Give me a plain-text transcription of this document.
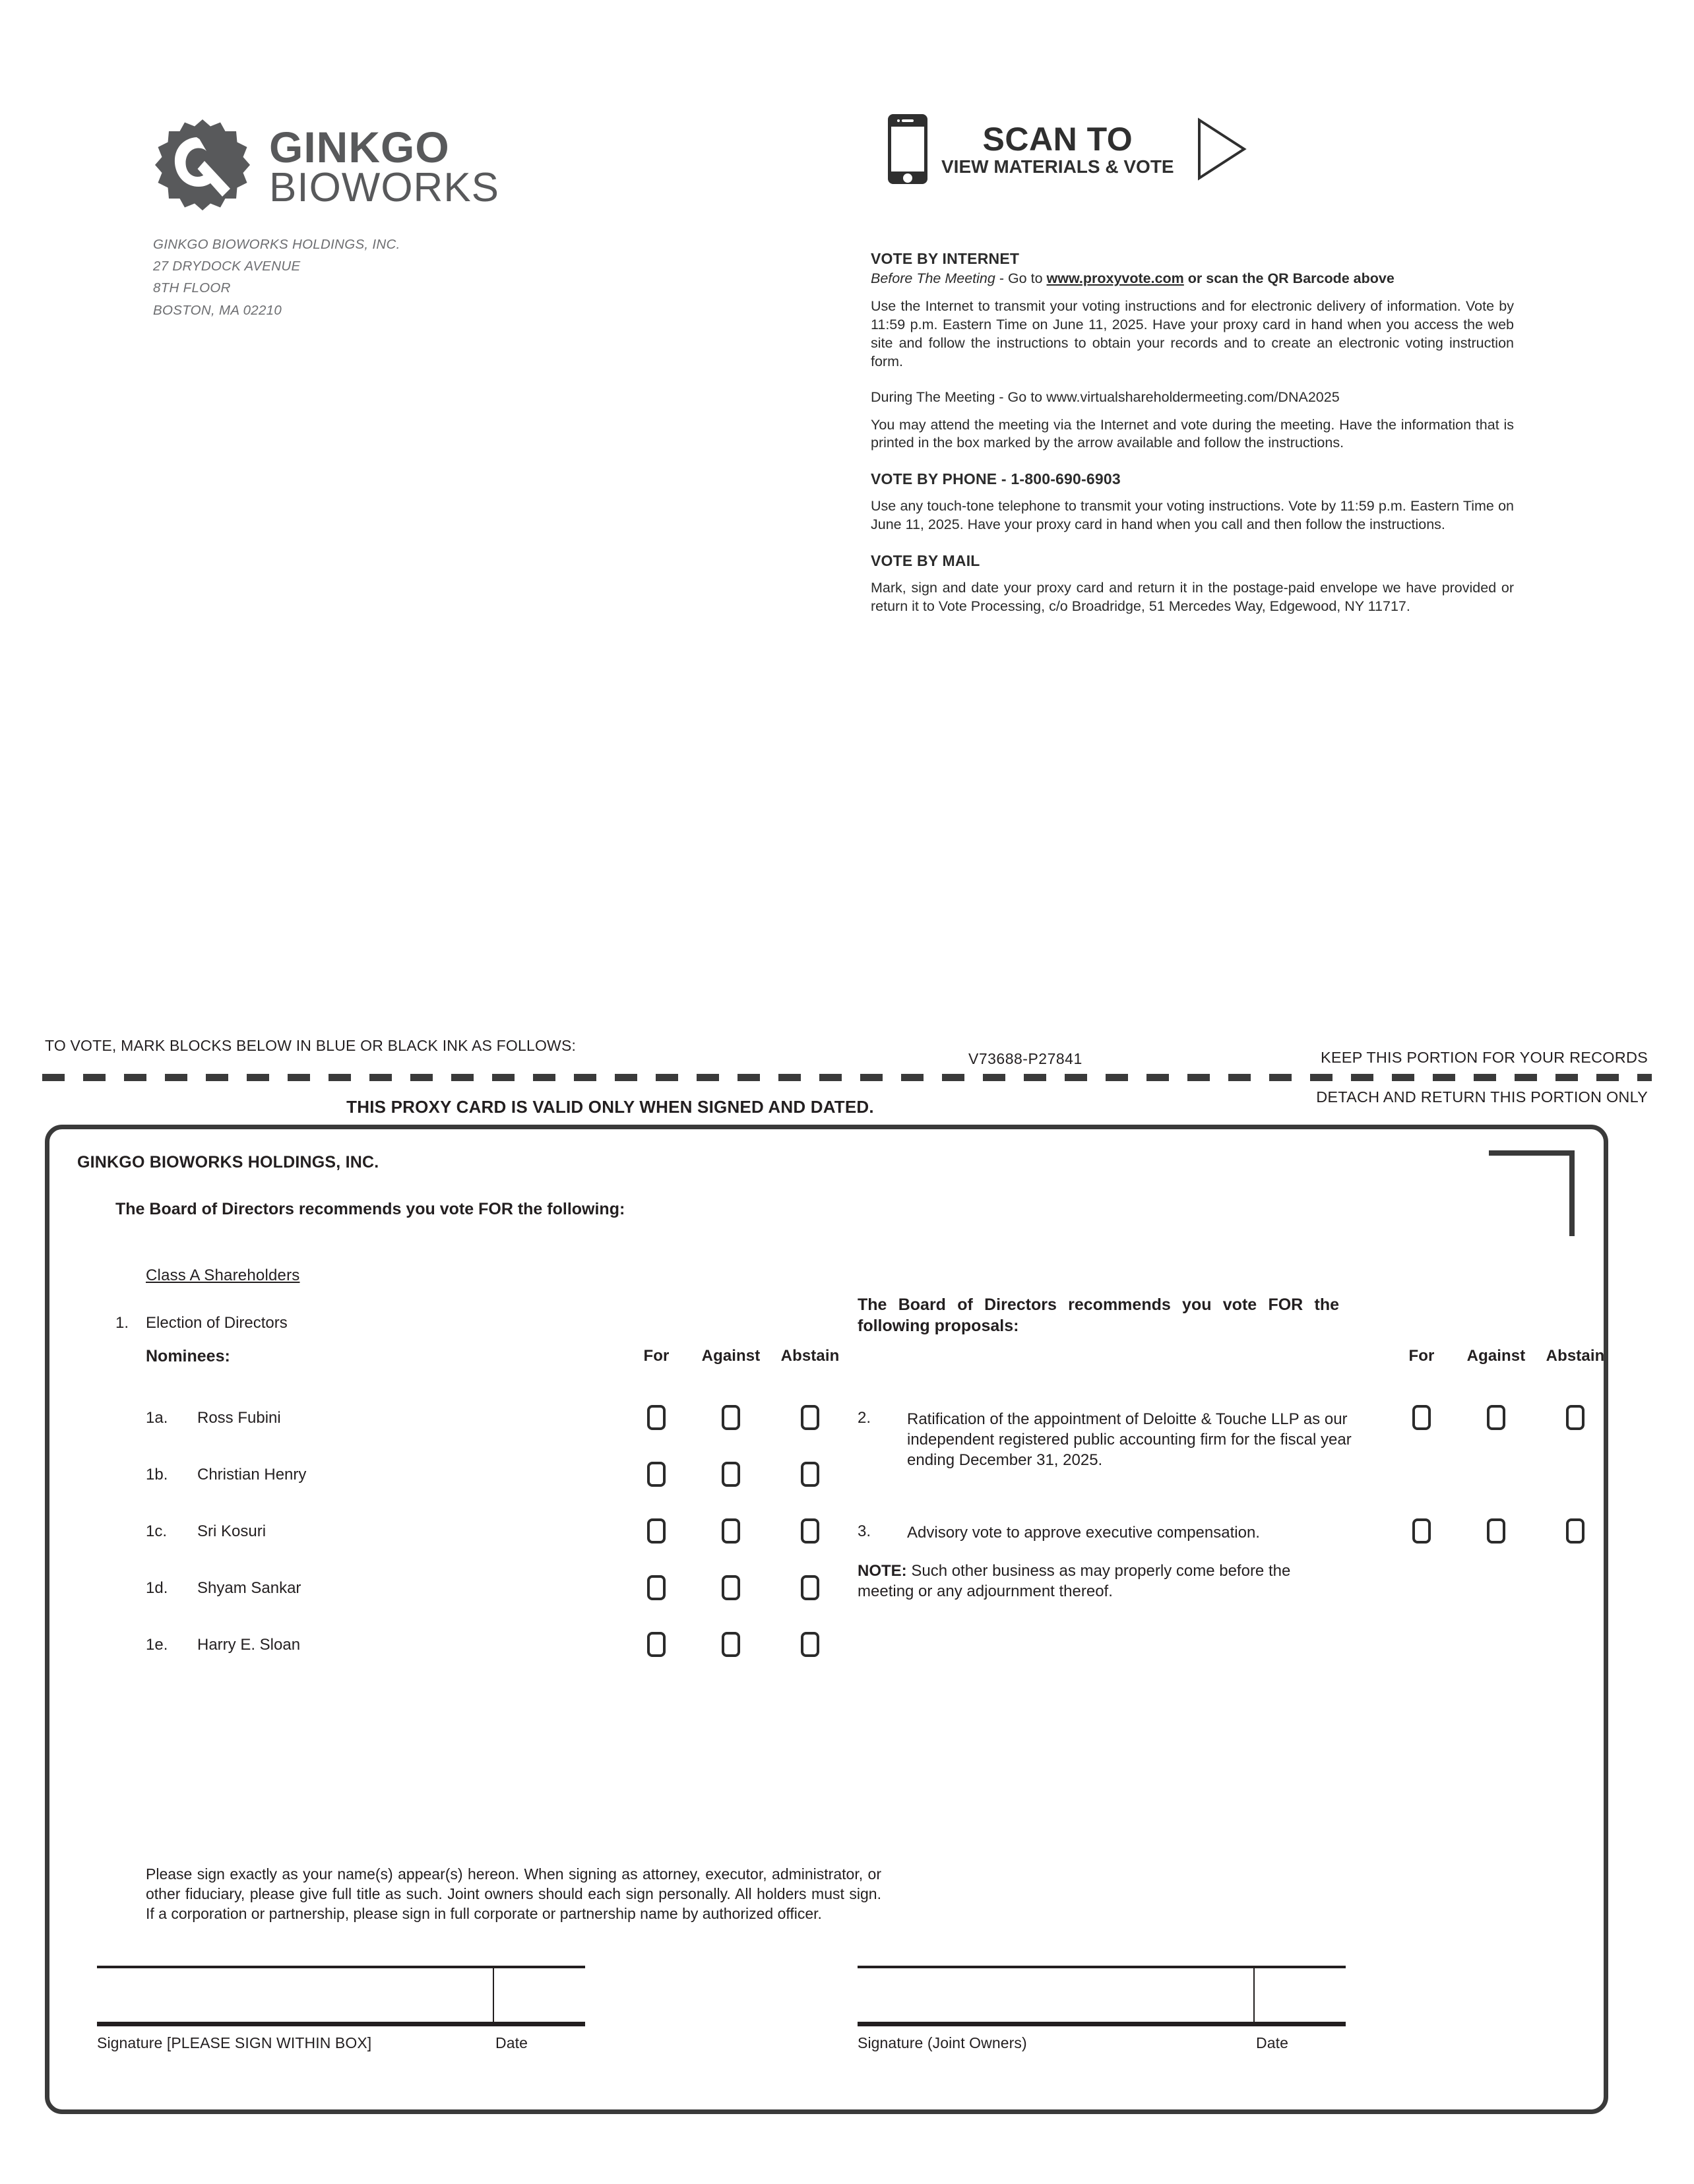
GINKGO
BIOWORKS
GINKGO BIOWORKS HOLDINGS, INC.
27 DRYDOCK AVENUE
8TH FLOOR
BOSTON, MA 02210
SCAN TO
VIEW MATERIALS & VOTE
VOTE BY INTERNET
Before The Meeting - Go to www.proxyvote.com or scan the QR Barcode above
Use the Internet to transmit your voting instructions and for electronic delivery of information. Vote by 11:59 p.m. Eastern Time on June 11, 2025. Have your proxy card in hand when you access the web site and follow the instructions to obtain your records and to create an electronic voting instruction form.
During The Meeting - Go to www.virtualshareholdermeeting.com/DNA2025
You may attend the meeting via the Internet and vote during the meeting. Have the information that is printed in the box marked by the arrow available and follow the instructions.
VOTE BY PHONE - 1-800-690-6903
Use any touch-tone telephone to transmit your voting instructions. Vote by 11:59 p.m. Eastern Time on June 11, 2025. Have your proxy card in hand when you call and then follow the instructions.
VOTE BY MAIL
Mark, sign and date your proxy card and return it in the postage-paid envelope we have provided or return it to Vote Processing, c/o Broadridge, 51 Mercedes Way, Edgewood, NY 11717.
TO VOTE, MARK BLOCKS BELOW IN BLUE OR BLACK INK AS FOLLOWS:
V73688-P27841	KEEP THIS PORTION FOR YOUR RECORDS
DETACH AND RETURN THIS PORTION ONLY
THIS PROXY CARD IS VALID ONLY WHEN SIGNED AND DATED.
GINKGO BIOWORKS HOLDINGS, INC.
The Board of Directors recommends you vote FOR the following:
Class A Shareholders
1. Election of Directors
Nominees:	For	Against	Abstain
1a. Ross Fubini
1b. Christian Henry
1c. Sri Kosuri
1d. Shyam Sankar
1e. Harry E. Sloan
The Board of Directors recommends you vote FOR the following proposals:
For	Against	Abstain
2. Ratification of the appointment of Deloitte & Touche LLP as our independent registered public accounting firm for the fiscal year ending December 31, 2025.
3. Advisory vote to approve executive compensation.
NOTE: Such other business as may properly come before the meeting or any adjournment thereof.
Please sign exactly as your name(s) appear(s) hereon. When signing as attorney, executor, administrator, or other fiduciary, please give full title as such. Joint owners should each sign personally. All holders must sign. If a corporation or partnership, please sign in full corporate or partnership name by authorized officer.
Signature [PLEASE SIGN WITHIN BOX]	Date	Signature (Joint Owners)	Date
